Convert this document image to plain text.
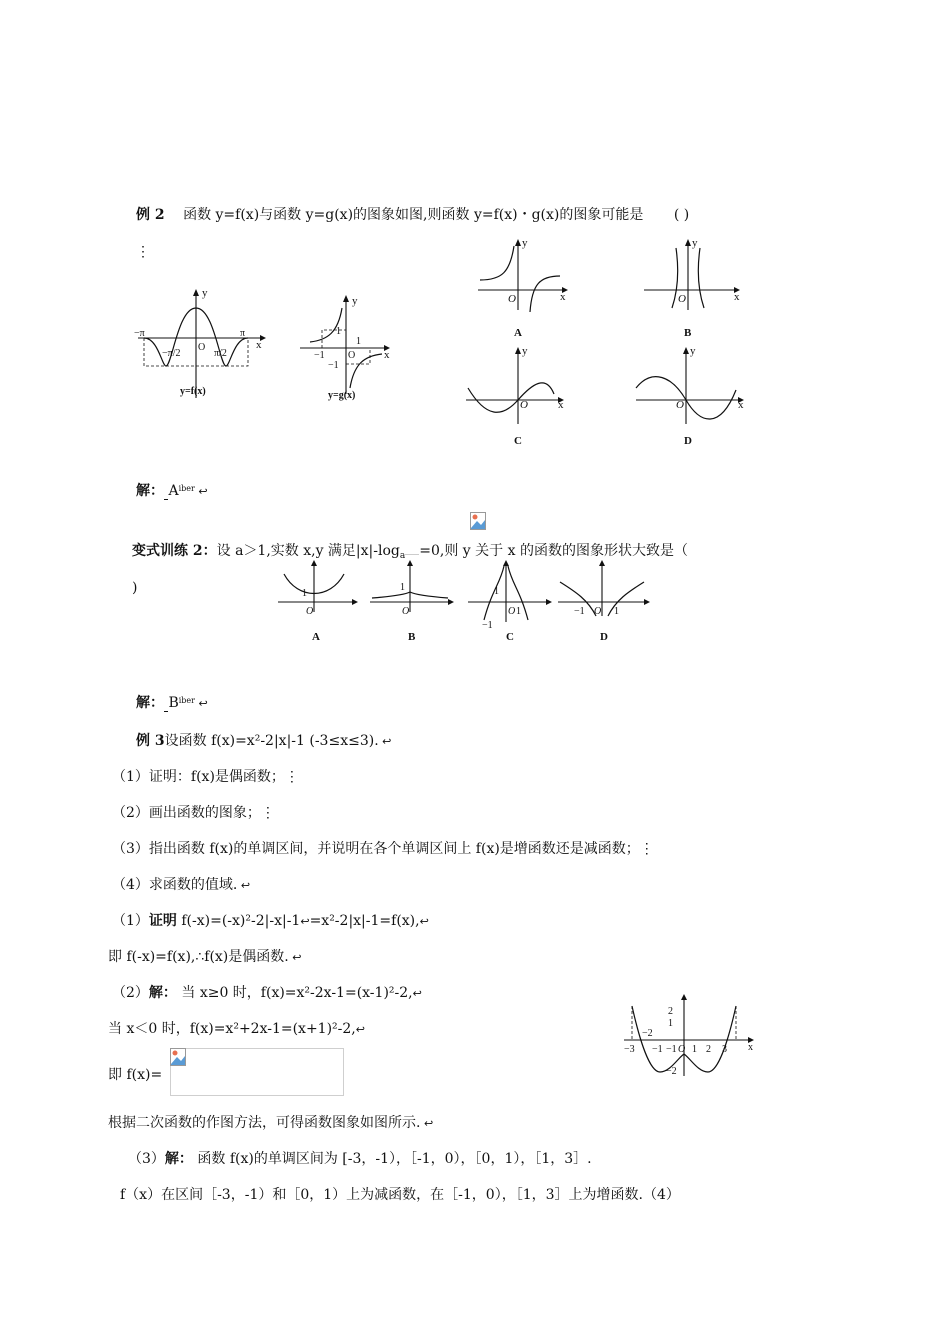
例 2 函数 y=f(x)与函数 y=g(x)的图象如图,则函数 y=f(x)・g(x)的图象可能是 ( )
⋮
y
x
−π
−π/2
O
π/2
π
y=f(x)
y
x
1
−1
1
−1
O
y=g(x)
y
x
O
A
y
x
O
B
y
x
O
C
y
x
O
D
解： $A^{iber}$ ↩
变式训练 2：设 a＞1,实数 x,y 满足$|x|-\log_a =0$,则 y 关于 x 的函数的图象形状大致是（
)	1
O
A
1
O
B
1
−1
O 1
C
−1 O 1
D
解： $B^{iber}$ ↩
例 3设函数 f(x)=x²-2|x|-1 (-3≤x≤3). ↩
（1）证明：f(x)是偶函数；⋮
（2）画出函数的图象；⋮
（3）指出函数 f(x)的单调区间，并说明在各个单调区间上 f(x)是增函数还是减函数；⋮
（4）求函数的值域. ↩
（1）证明 f(-x)=(-x)²-2|-x|-1↩=x²-2|x|-1=f(x),↩
即 f(-x)=f(x),∴f(x)是偶函数. ↩
（2）解： 当 x≥0 时，f(x)=x²-2x-1=(x-1)²-2,↩
当 x＜0 时，f(x)=x²+2x-1=(x+1)²-2,↩
即 f(x)=
根据二次函数的作图方法，可得函数图象如图所示. ↩
2
1
−1
−2
−3
−2
−1 O 1 2 3 x
（3）解： 函数 f(x)的单调区间为 [-3，-1），［-1，0），［0，1），［1，3］.
f（x）在区间［-3，-1）和［0，1）上为减函数，在［-1，0），［1，3］上为增函数.（4）
